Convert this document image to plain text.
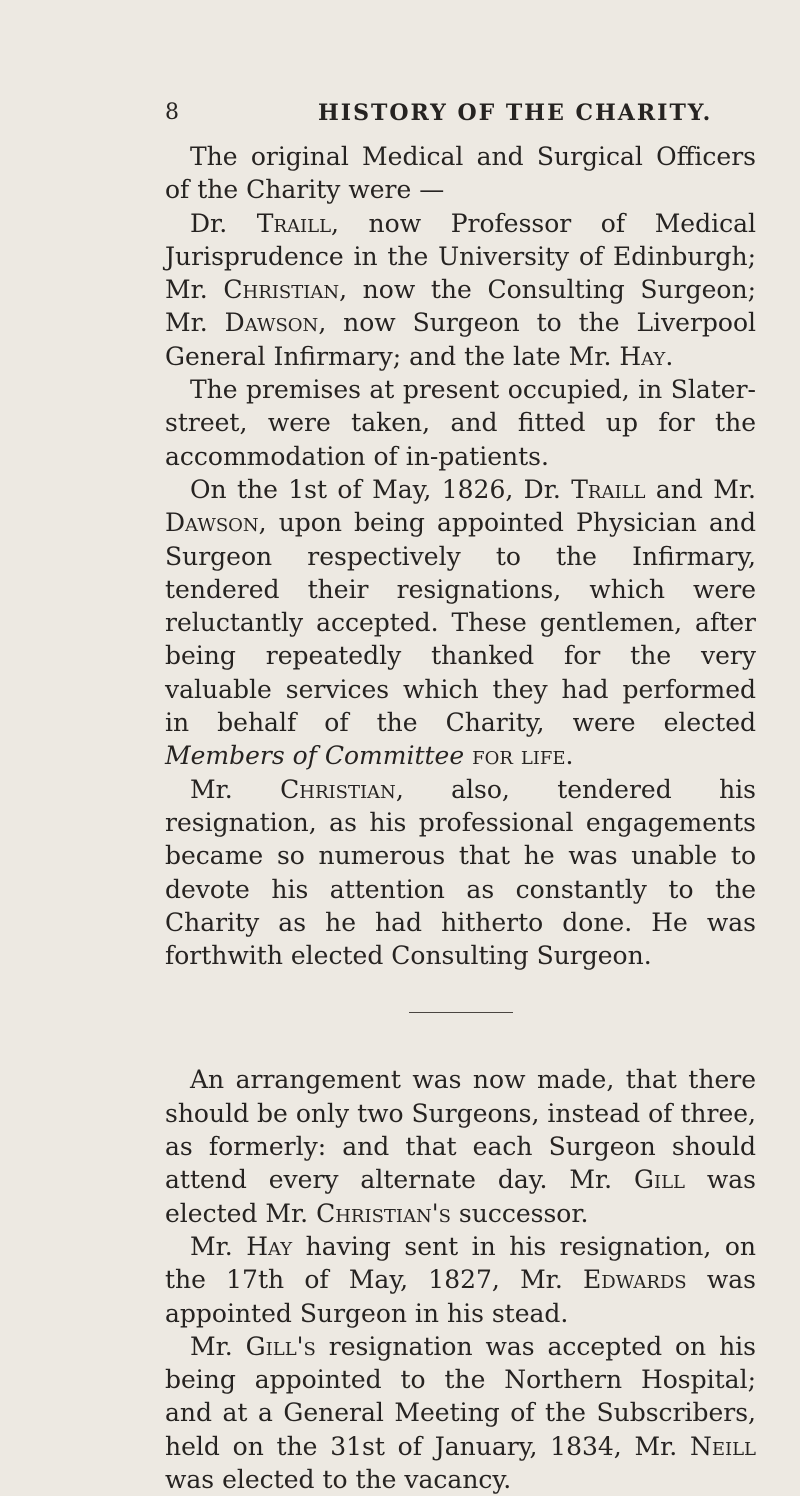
8	HISTORY OF THE CHARITY.

The original Medical and Surgical Officers of the Charity were —

Dr. Traill, now Professor of Medical Jurisprudence in the University of Edinburgh; Mr. Christian, now the Consulting Surgeon; Mr. Dawson, now Surgeon to the Liverpool General Infirmary; and the late Mr. Hay.

The premises at present occupied, in Slater-street, were taken, and fitted up for the accommodation of in-patients.

On the 1st of May, 1826, Dr. Traill and Mr. Dawson, upon being appointed Physician and Surgeon respectively to the Infirmary, tendered their resignations, which were reluctantly accepted. These gentlemen, after being repeatedly thanked for the very valuable services which they had performed in behalf of the Charity, were elected Members of Committee for life.

Mr. Christian, also, tendered his resignation, as his professional engagements became so numerous that he was unable to devote his attention as constantly to the Charity as he had hitherto done. He was forthwith elected Consulting Surgeon.

An arrangement was now made, that there should be only two Surgeons, instead of three, as formerly: and that each Surgeon should attend every alternate day. Mr. Gill was elected Mr. Christian's successor.

Mr. Hay having sent in his resignation, on the 17th of May, 1827, Mr. Edwards was appointed Surgeon in his stead.

Mr. Gill's resignation was accepted on his being appointed to the Northern Hospital; and at a General Meeting of the Subscribers, held on the 31st of January, 1834, Mr. Neill was elected to the vacancy.
